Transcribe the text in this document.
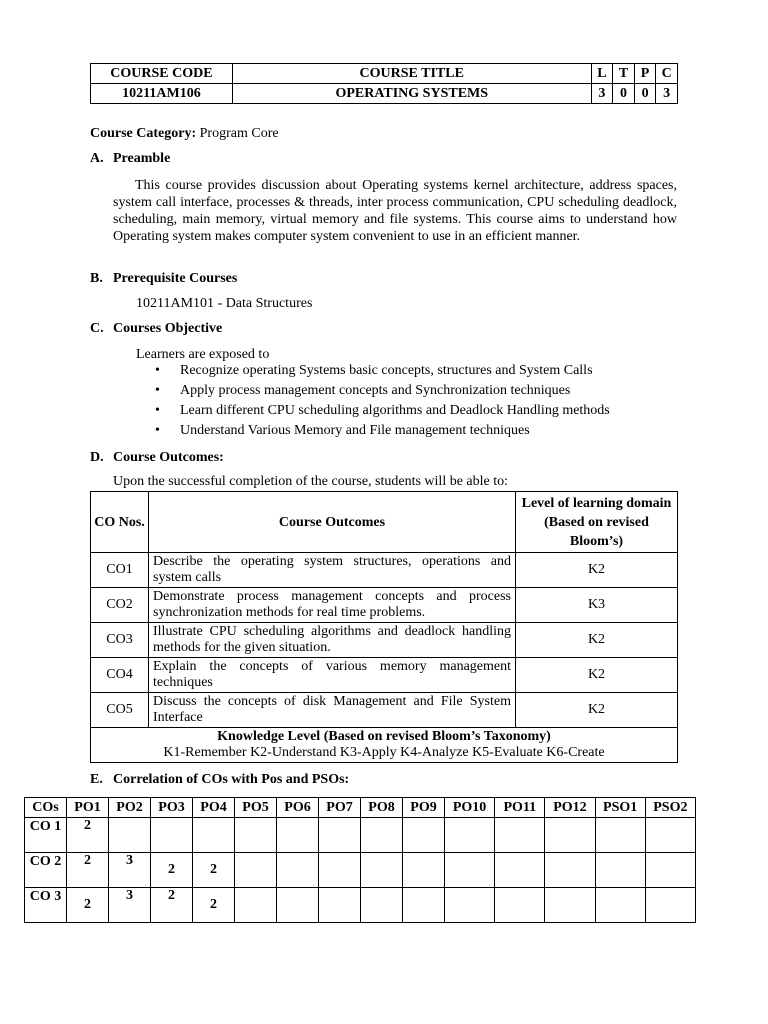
COURSE CODE	COURSE TITLE	L	T	P	C
10211AM106	OPERATING SYSTEMS	3	0	0	3
Course Category: Program Core
A. Preamble
This course provides discussion about Operating systems kernel architecture, address spaces, system call interface, processes & threads, inter process communication, CPU scheduling deadlock, scheduling, main memory, virtual memory and file systems. This course aims to understand how Operating system makes computer system convenient to use in an efficient manner.
B. Prerequisite Courses
10211AM101 - Data Structures
C. Courses Objective
Learners are exposed to
• Recognize operating Systems basic concepts, structures and System Calls
• Apply process management concepts and Synchronization techniques
• Learn different CPU scheduling algorithms and Deadlock Handling methods
• Understand Various Memory and File management techniques
D. Course Outcomes:
Upon the successful completion of the course, students will be able to:
CO Nos.	Course Outcomes	Level of learning domain (Based on revised Bloom’s)
CO1	Describe the operating system structures, operations and system calls	K2
CO2	Demonstrate process management concepts and process synchronization methods for real time problems.	K3
CO3	Illustrate CPU scheduling algorithms and deadlock handling methods for the given situation.	K2
CO4	Explain the concepts of various memory management techniques	K2
CO5	Discuss the concepts of disk Management and File System Interface	K2
Knowledge Level (Based on revised Bloom’s Taxonomy)
K1-Remember K2-Understand K3-Apply K4-Analyze K5-Evaluate K6-Create		
E. Correlation of COs with Pos and PSOs:
COs	PO1	PO2	PO3	PO4	PO5	PO6	PO7	PO8	PO9	PO10	PO11	PO12	PSO1	PSO2
CO 1	2													
CO 2	2	3	2	2										
CO 3	2	3	2	2										
